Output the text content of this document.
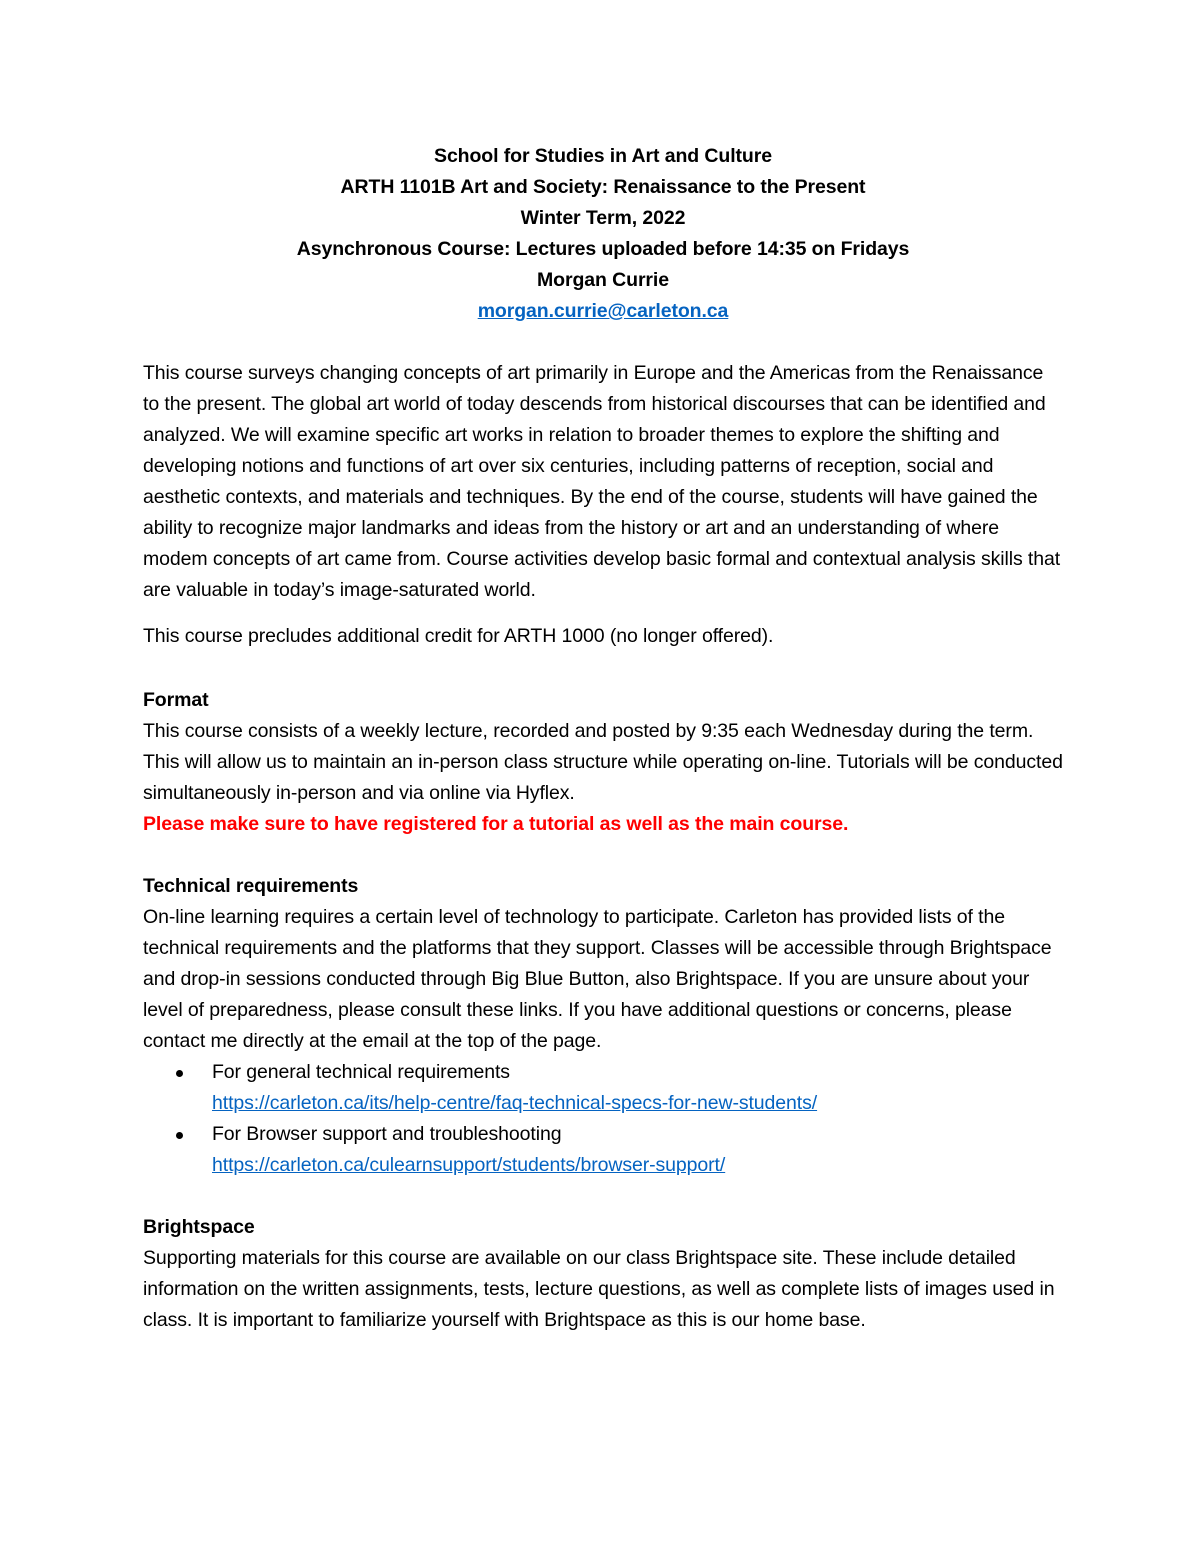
School for Studies in Art and Culture
ARTH 1101B Art and Society: Renaissance to the Present
Winter Term, 2022
Asynchronous Course: Lectures uploaded before 14:35 on Fridays
Morgan Currie
morgan.currie@carleton.ca

This course surveys changing concepts of art primarily in Europe and the Americas from the Renaissance to the present. The global art world of today descends from historical discourses that can be identified and analyzed. We will examine specific art works in relation to broader themes to explore the shifting and developing notions and functions of art over six centuries, including patterns of reception, social and aesthetic contexts, and materials and techniques. By the end of the course, students will have gained the ability to recognize major landmarks and ideas from the history or art and an understanding of where modem concepts of art came from. Course activities develop basic formal and contextual analysis skills that are valuable in today’s image-saturated world.

This course precludes additional credit for ARTH 1000 (no longer offered).

Format

This course consists of a weekly lecture, recorded and posted by 9:35 each Wednesday during the term. This will allow us to maintain an in-person class structure while operating on-line. Tutorials will be conducted simultaneously in-person and via online via Hyflex.

Please make sure to have registered for a tutorial as well as the main course.

Technical requirements

On-line learning requires a certain level of technology to participate. Carleton has provided lists of the technical requirements and the platforms that they support. Classes will be accessible through Brightspace and drop-in sessions conducted through Big Blue Button, also Brightspace. If you are unsure about your level of preparedness, please consult these links. If you have additional questions or concerns, please contact me directly at the email at the top of the page.

For general technical requirements
https://carleton.ca/its/help-centre/faq-technical-specs-for-new-students/
For Browser support and troubleshooting
https://carleton.ca/culearnsupport/students/browser-support/
Brightspace

Supporting materials for this course are available on our class Brightspace site. These include detailed information on the written assignments, tests, lecture questions, as well as complete lists of images used in class. It is important to familiarize yourself with Brightspace as this is our home base.
